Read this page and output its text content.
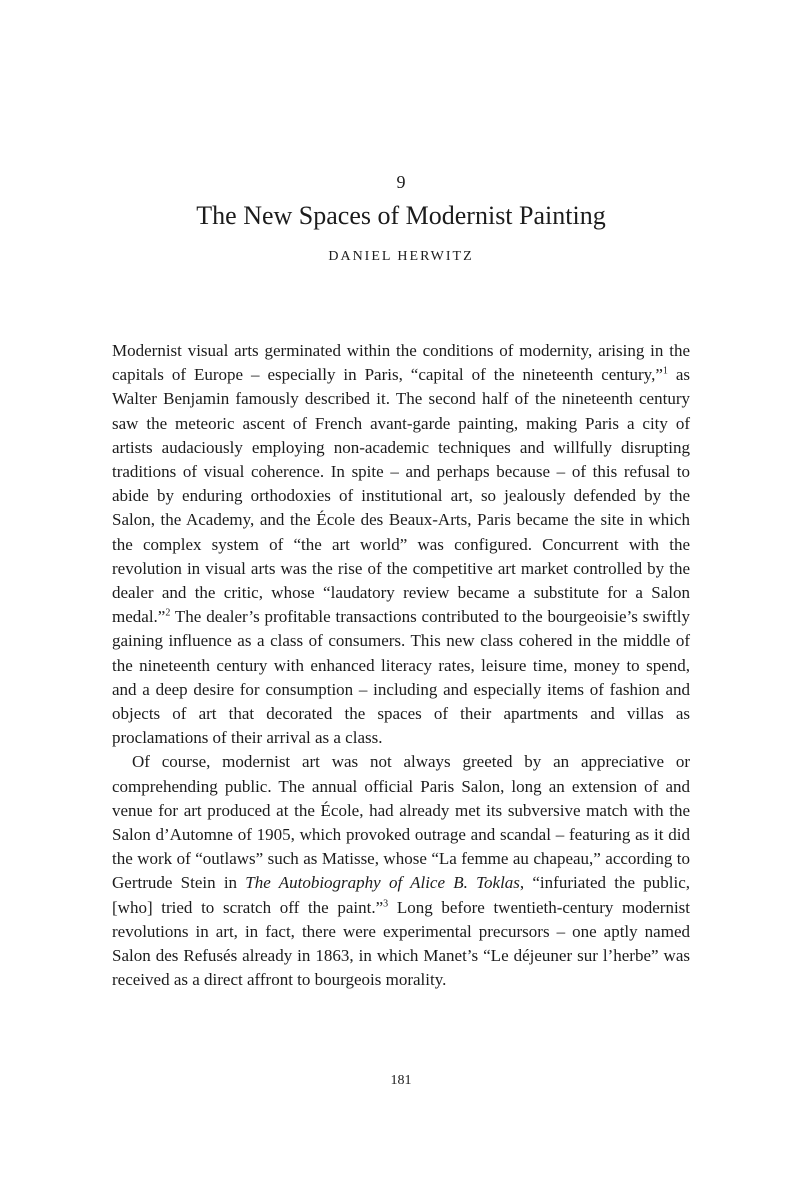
9
The New Spaces of Modernist Painting
DANIEL HERWITZ

Modernist visual arts germinated within the conditions of modernity, arising in the capitals of Europe – especially in Paris, “capital of the nineteenth century,”$^1$ as Walter Benjamin famously described it. The second half of the nineteenth century saw the meteoric ascent of French avant-garde painting, making Paris a city of artists audaciously employing non-academic techniques and willfully disrupting traditions of visual coherence. In spite – and perhaps because – of this refusal to abide by enduring orthodoxies of institutional art, so jealously defended by the Salon, the Academy, and the École des Beaux-Arts, Paris became the site in which the complex system of “the art world” was configured. Concurrent with the revolution in visual arts was the rise of the competitive art market controlled by the dealer and the critic, whose “laudatory review became a substitute for a Salon medal.”$^2$ The dealer’s profitable transactions contributed to the bourgeoisie’s swiftly gaining influence as a class of consumers. This new class cohered in the middle of the nineteenth century with enhanced literacy rates, leisure time, money to spend, and a deep desire for consumption – including and especially items of fashion and objects of art that decorated the spaces of their apartments and villas as proclamations of their arrival as a class.

Of course, modernist art was not always greeted by an appreciative or comprehending public. The annual official Paris Salon, long an extension of and venue for art produced at the École, had already met its subversive match with the Salon d’Automne of 1905, which provoked outrage and scandal – featuring as it did the work of “outlaws” such as Matisse, whose “La femme au chapeau,” according to Gertrude Stein in The Autobiography of Alice B. Toklas, “infuriated the public, [who] tried to scratch off the paint.”$^3$ Long before twentieth-century modernist revolutions in art, in fact, there were experimental precursors – one aptly named Salon des Refusés already in 1863, in which Manet’s “Le déjeuner sur l’herbe” was received as a direct affront to bourgeois morality.

181
